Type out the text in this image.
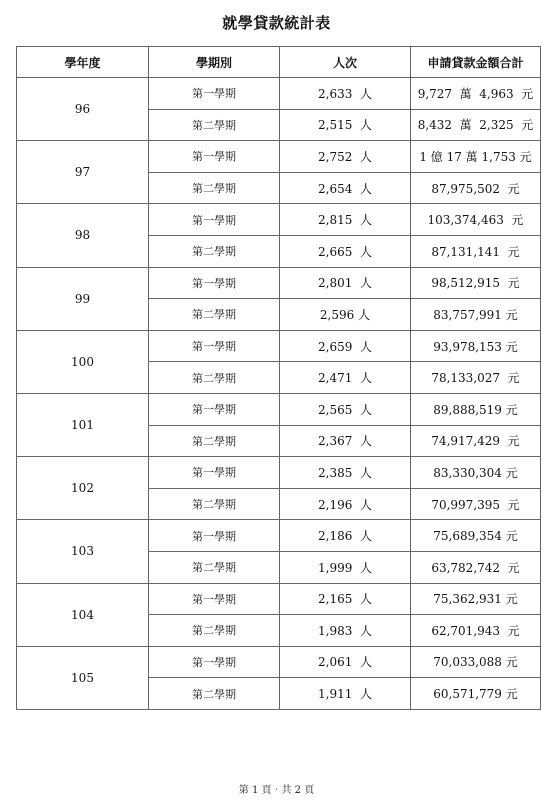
就學貸款統計表
學年度	學期別	人次	申請貸款金額合計
96	第一學期	2,633  人	9,727  萬  4,963  元
	第二學期	2,515  人	8,432  萬  2,325  元
97	第一學期	2,752  人	1 億 17 萬 1,753 元
	第二學期	2,654  人	87,975,502  元
98	第一學期	2,815  人	103,374,463  元
	第二學期	2,665  人	87,131,141  元
99	第一學期	2,801  人	98,512,915  元
	第二學期	2,596 人	83,757,991 元
100	第一學期	2,659  人	93,978,153 元
	第二學期	2,471  人	78,133,027  元
101	第一學期	2,565  人	89,888,519 元
	第二學期	2,367  人	74,917,429  元
102	第一學期	2,385  人	83,330,304 元
	第二學期	2,196  人	70,997,395  元
103	第一學期	2,186  人	75,689,354 元
	第二學期	1,999  人	63,782,742  元
104	第一學期	2,165  人	75,362,931 元
	第二學期	1,983  人	62,701,943  元
105	第一學期	2,061  人	70,033,088 元
	第二學期	1,911  人	60,571,779 元
第 1 頁‧共 2 頁
